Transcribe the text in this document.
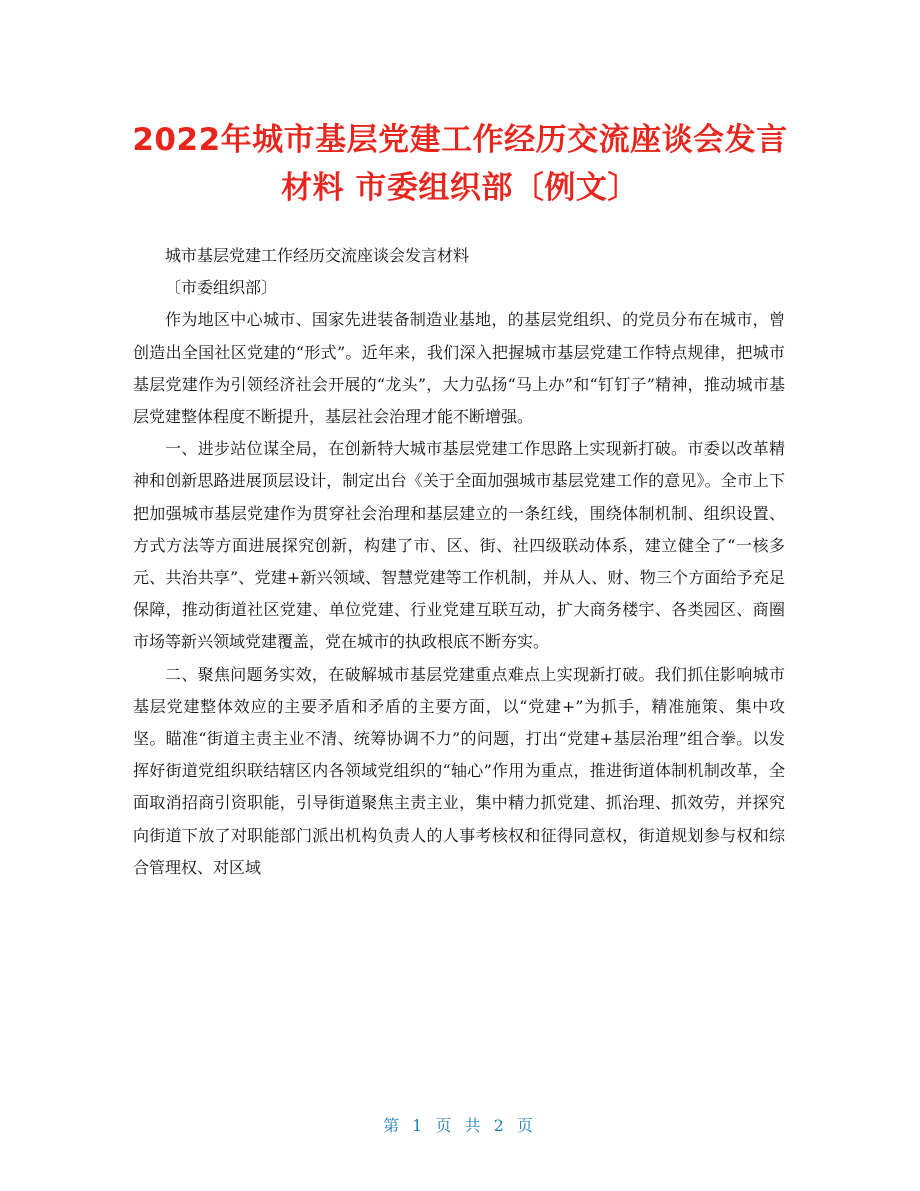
2022年城市基层党建工作经历交流座谈会发言
材料 市委组织部〔例文〕

城市基层党建工作经历交流座谈会发言材料

〔市委组织部〕

作为地区中心城市、国家先进装备制造业基地，的基层党组织、的党员分布在城市，曾创造出全国社区党建的“形式”。近年来，我们深入把握城市基层党建工作特点规律，把城市基层党建作为引领经济社会开展的“龙头”，大力弘扬“马上办”和“钉钉子”精神，推动城市基层党建整体程度不断提升，基层社会治理才能不断增强。

一、进步站位谋全局，在创新特大城市基层党建工作思路上实现新打破。市委以改革精神和创新思路进展顶层设计，制定出台《关于全面加强城市基层党建工作的意见》。全市上下把加强城市基层党建作为贯穿社会治理和基层建立的一条红线，围绕体制机制、组织设置、方式方法等方面进展探究创新，构建了市、区、街、社四级联动体系，建立健全了“一核多元、共治共享”、党建+新兴领域、智慧党建等工作机制，并从人、财、物三个方面给予充足保障，推动街道社区党建、单位党建、行业党建互联互动，扩大商务楼宇、各类园区、商圈市场等新兴领域党建覆盖，党在城市的执政根底不断夯实。

二、聚焦问题务实效，在破解城市基层党建重点难点上实现新打破。我们抓住影响城市基层党建整体效应的主要矛盾和矛盾的主要方面，以“党建+”为抓手，精准施策、集中攻坚。瞄准“街道主责主业不清、统筹协调不力”的问题，打出“党建+基层治理”组合拳。以发挥好街道党组织联结辖区内各领域党组织的“轴心”作用为重点，推进街道体制机制改革，全面取消招商引资职能，引导街道聚焦主责主业，集中精力抓党建、抓治理、抓效劳，并探究向街道下放了对职能部门派出机构负责人的人事考核权和征得同意权，街道规划参与权和综合管理权、对区域

第 1 页 共 2 页
